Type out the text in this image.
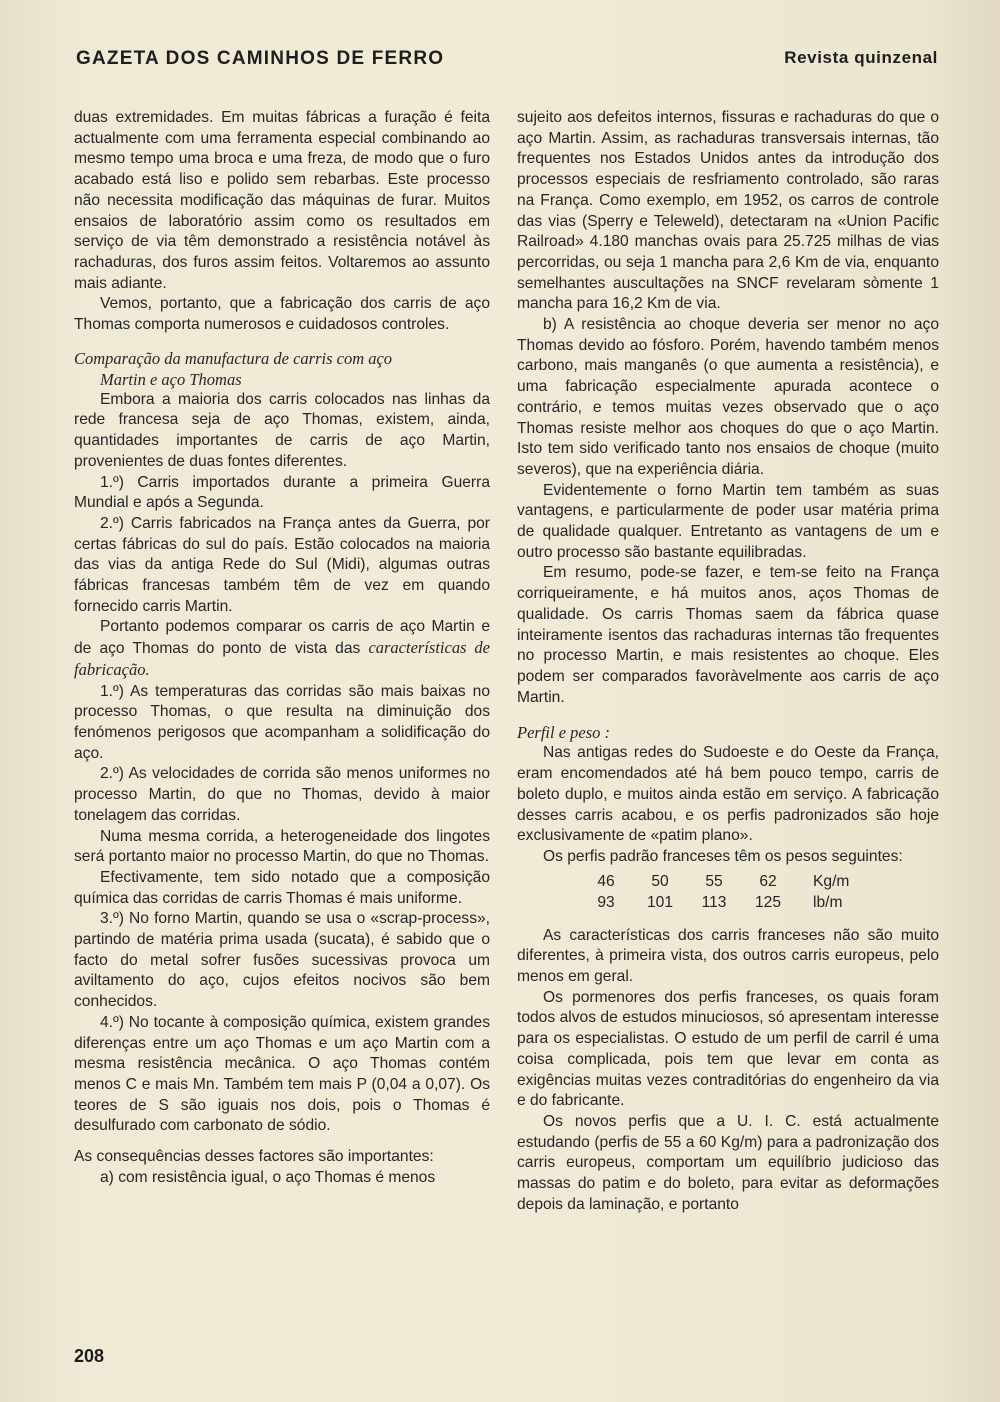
GAZETA DOS CAMINHOS DE FERRO	Revista quinzenal

duas extremidades. Em muitas fábricas a furação é feita actualmente com uma ferramenta especial combinando ao mesmo tempo uma broca e uma freza, de modo que o furo acabado está liso e polido sem rebarbas. Este processo não necessita modificação das máquinas de furar. Muitos ensaios de laboratório assim como os resultados em serviço de via têm demonstrado a resistência notável às rachaduras, dos furos assim feitos. Voltaremos ao assunto mais adiante.

Vemos, portanto, que a fabricação dos carris de aço Thomas comporta numerosos e cuidadosos controles.

Comparação da manufactura de carris com aço
Martin e aço Thomas

Embora a maioria dos carris colocados nas linhas da rede francesa seja de aço Thomas, existem, ainda, quantidades importantes de carris de aço Martin, provenientes de duas fontes diferentes.

1.º) Carris importados durante a primeira Guerra Mundial e após a Segunda.

2.º) Carris fabricados na França antes da Guerra, por certas fábricas do sul do país. Estão colocados na maioria das vias da antiga Rede do Sul (Midi), algumas outras fábricas francesas também têm de vez em quando fornecido carris Martin.

Portanto podemos comparar os carris de aço Martin e de aço Thomas do ponto de vista das características de fabricação.

1.º) As temperaturas das corridas são mais baixas no processo Thomas, o que resulta na diminuição dos fenómenos perigosos que acompanham a solidificação do aço.

2.º) As velocidades de corrida são menos uniformes no processo Martin, do que no Thomas, devido à maior tonelagem das corridas.

Numa mesma corrida, a heterogeneidade dos lingotes será portanto maior no processo Martin, do que no Thomas.

Efectivamente, tem sido notado que a composição química das corridas de carris Thomas é mais uniforme.

3.º) No forno Martin, quando se usa o «scrap-process», partindo de matéria prima usada (sucata), é sabido que o facto do metal sofrer fusões sucessivas provoca um aviltamento do aço, cujos efeitos nocivos são bem conhecidos.

4.º) No tocante à composição química, existem grandes diferenças entre um aço Thomas e um aço Martin com a mesma resistência mecânica. O aço Thomas contém menos C e mais Mn. Também tem mais P (0,04 a 0,07). Os teores de S são iguais nos dois, pois o Thomas é desulfurado com carbonato de sódio.

As consequências desses factores são importantes:

a) com resistência igual, o aço Thomas é menos

sujeito aos defeitos internos, fissuras e rachaduras do que o aço Martin. Assim, as rachaduras transversais internas, tão frequentes nos Estados Unidos antes da introdução dos processos especiais de resfriamento controlado, são raras na França. Como exemplo, em 1952, os carros de controle das vias (Sperry e Teleweld), detectaram na «Union Pacific Railroad» 4.180 manchas ovais para 25.725 milhas de vias percorridas, ou seja 1 mancha para 2,6 Km de via, enquanto semelhantes auscultações na SNCF revelaram sòmente 1 mancha para 16,2 Km de via.

b) A resistência ao choque deveria ser menor no aço Thomas devido ao fósforo. Porém, havendo também menos carbono, mais manganês (o que aumenta a resistência), e uma fabricação especialmente apurada acontece o contrário, e temos muitas vezes observado que o aço Thomas resiste melhor aos choques do que o aço Martin. Isto tem sido verificado tanto nos ensaios de choque (muito severos), que na experiência diária.

Evidentemente o forno Martin tem também as suas vantagens, e particularmente de poder usar matéria prima de qualidade qualquer. Entretanto as vantagens de um e outro processo são bastante equilibradas.

Em resumo, pode-se fazer, e tem-se feito na França corriqueiramente, e há muitos anos, aços Thomas de qualidade. Os carris Thomas saem da fábrica quase inteiramente isentos das rachaduras internas tão frequentes no processo Martin, e mais resistentes ao choque. Eles podem ser comparados favoràvelmente aos carris de aço Martin.

Perfil e peso :

Nas antigas redes do Sudoeste e do Oeste da França, eram encomendados até há bem pouco tempo, carris de boleto duplo, e muitos ainda estão em serviço. A fabricação desses carris acabou, e os perfis padronizados são hoje exclusivamente de «patim plano».

Os perfis padrão franceses têm os pesos seguintes:

46	50	55	62	Kg/m
93	101	113	125	lb/m

As características dos carris franceses não são muito diferentes, à primeira vista, dos outros carris europeus, pelo menos em geral.

Os pormenores dos perfis franceses, os quais foram todos alvos de estudos minuciosos, só apresentam interesse para os especialistas. O estudo de um perfil de carril é uma coisa complicada, pois tem que levar em conta as exigências muitas vezes contraditórias do engenheiro da via e do fabricante.

Os novos perfis que a U. I. C. está actualmente estudando (perfis de 55 a 60 Kg/m) para a padronização dos carris europeus, comportam um equilíbrio judicioso das massas do patim e do boleto, para evitar as deformações depois da laminação, e portanto

208
